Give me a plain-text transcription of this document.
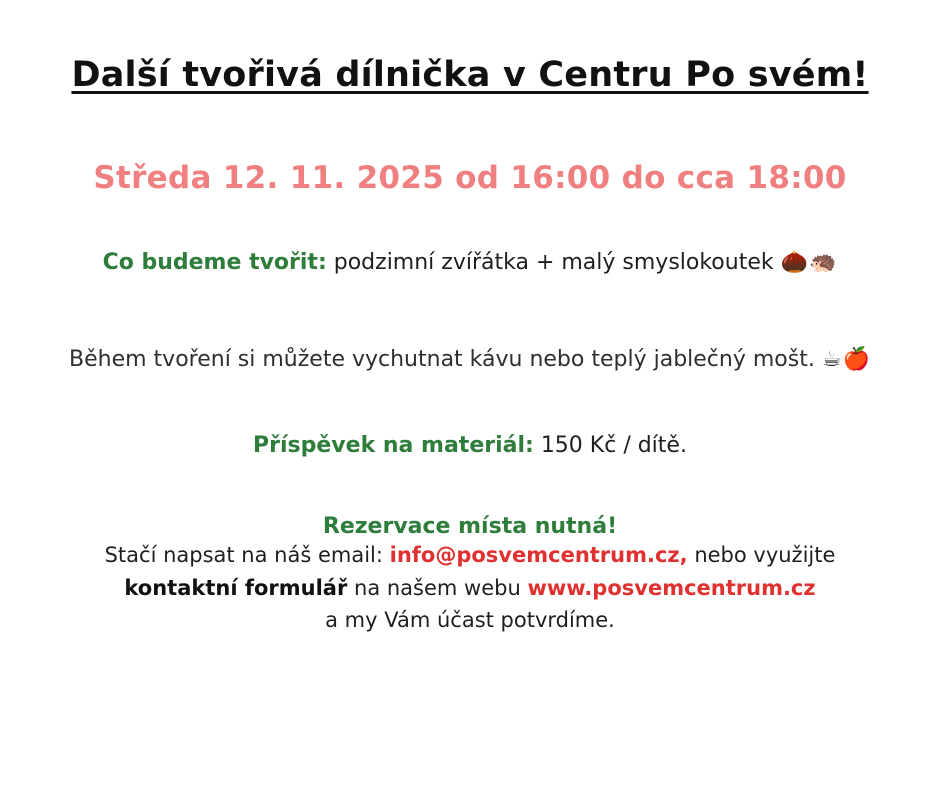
Další tvořivá dílnička v Centru Po svém!
Středa 12. 11. 2025 od 16:00 do cca 18:00
Co budeme tvořit: podzimní zvířátka + malý smyslokoutek 🌰🦔
Během tvoření si můžete vychutnat kávu nebo teplý jablečný mošt. ☕🍎
Příspěvek na materiál: 150 Kč / dítě.
Rezervace místa nutná!
Stačí napsat na náš email: info@posvemcentrum.cz, nebo využijte
kontaktní formulář na našem webu www.posvemcentrum.cz
a my Vám účast potvrdíme.
